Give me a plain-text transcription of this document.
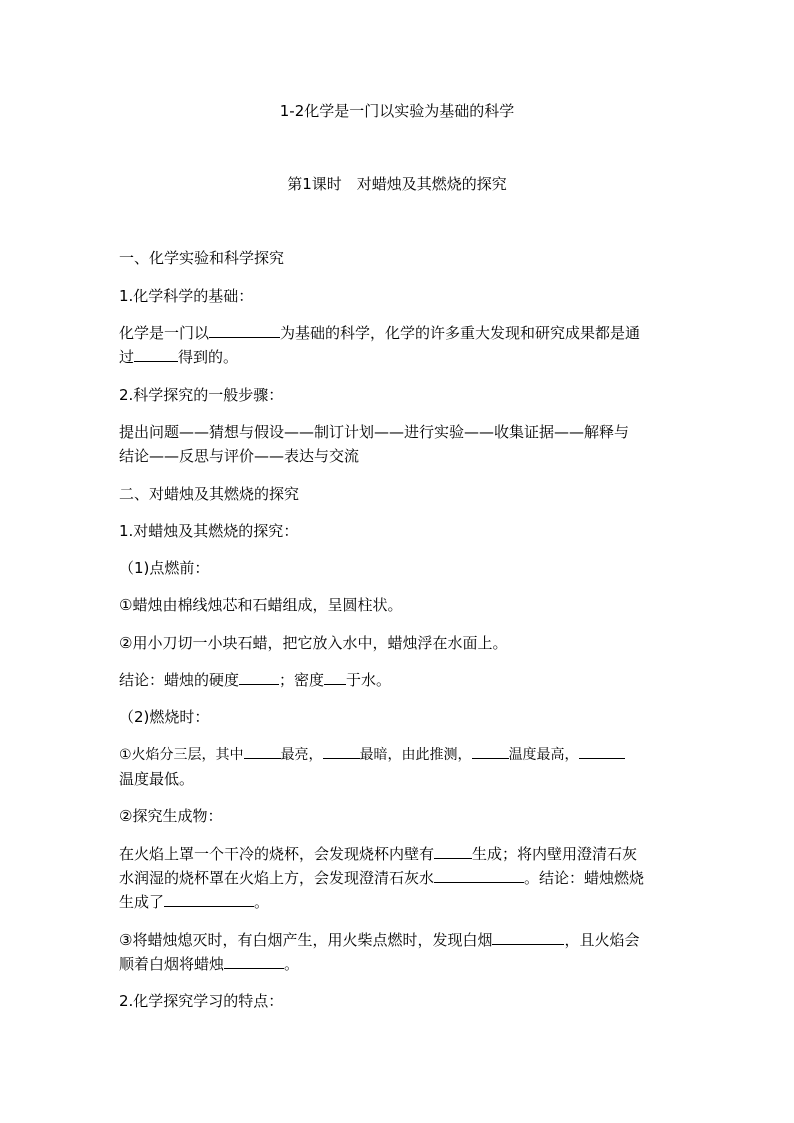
1-2化学是一门以实验为基础的科学
第1课时　对蜡烛及其燃烧的探究
一、化学实验和科学探究
1.化学科学的基础：
化学是一门以	为基础的科学，化学的许多重大发现和研究成果都是通
过	得到的。
2.科学探究的一般步骤：
提出问题——猜想与假设——制订计划——进行实验——收集证据——解释与
结论——反思与评价——表达与交流
二、对蜡烛及其燃烧的探究
1.对蜡烛及其燃烧的探究：
（1)点燃前：
①蜡烛由棉线烛芯和石蜡组成，呈圆柱状。
②用小刀切一小块石蜡，把它放入水中，蜡烛浮在水面上。
结论：蜡烛的硬度	；密度 于水。
（2)燃烧时：
①火焰分三层，其中	最亮，	最暗，由此推测，	温度最高，
温度最低。
②探究生成物：
在火焰上罩一个干冷的烧杯，会发现烧杯内壁有	生成；将内壁用澄清石灰
水润湿的烧杯罩在火焰上方，会发现澄清石灰水	。结论：蜡烛燃烧
生成了	。
③将蜡烛熄灭时，有白烟产生，用火柴点燃时，发现白烟	，且火焰会
顺着白烟将蜡烛	。
2.化学探究学习的特点：
